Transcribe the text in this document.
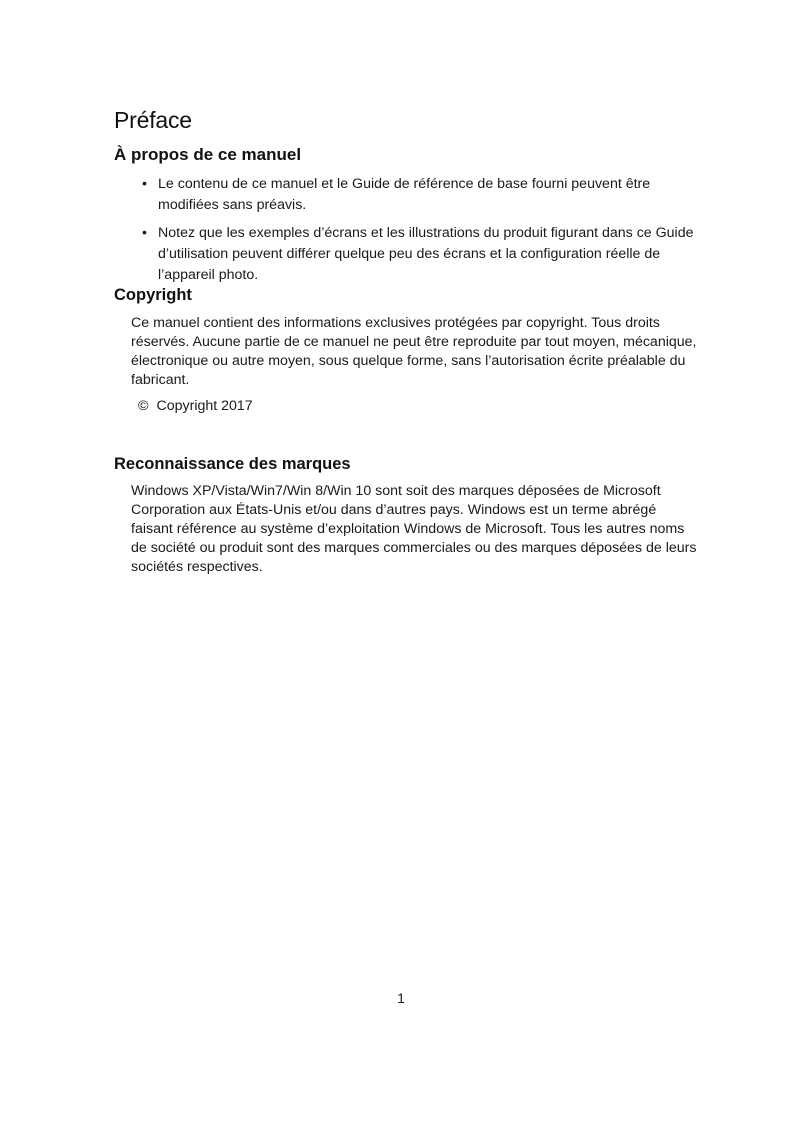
Préface
À propos de ce manuel
• Le contenu de ce manuel et le Guide de référence de base fourni peuvent être modifiées sans préavis.
• Notez que les exemples d’écrans et les illustrations du produit figurant dans ce Guide d’utilisation peuvent différer quelque peu des écrans et la configuration réelle de l’appareil photo.
Copyright

Ce manuel contient des informations exclusives protégées par copyright. Tous droits réservés. Aucune partie de ce manuel ne peut être reproduite par tout moyen, mécanique, électronique ou autre moyen, sous quelque forme, sans l’autorisation écrite préalable du fabricant.

© Copyright 2017

Reconnaissance des marques

Windows XP/Vista/Win7/Win 8/Win 10 sont soit des marques déposées de Microsoft Corporation aux États-Unis et/ou dans d’autres pays. Windows est un terme abrégé faisant référence au système d’exploitation Windows de Microsoft. Tous les autres noms de société ou produit sont des marques commerciales ou des marques déposées de leurs sociétés respectives.

1
